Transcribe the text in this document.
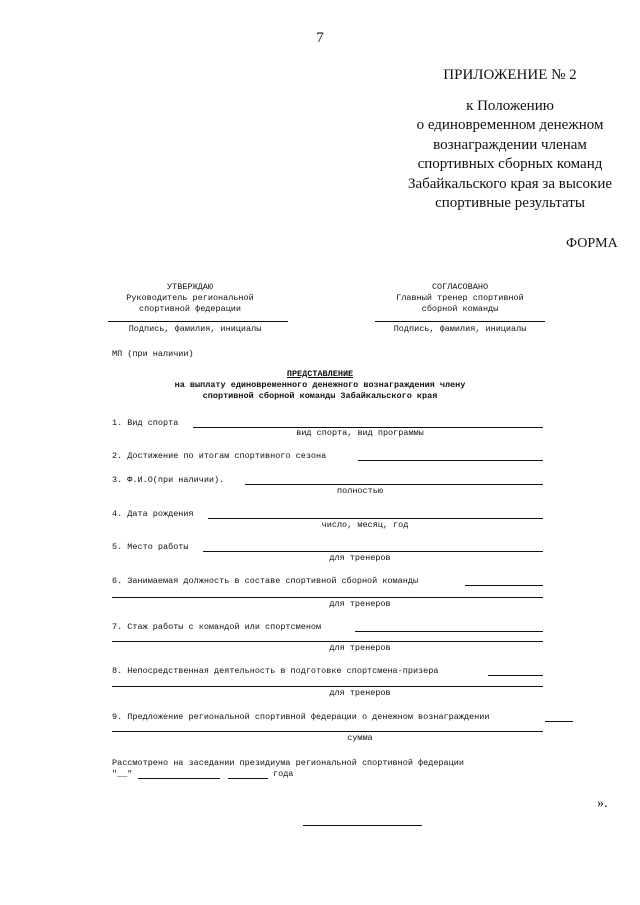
7
ПРИЛОЖЕНИЕ № 2
к Положению
о единовременном денежном
вознаграждении членам
спортивных сборных команд
Забайкальского края за высокие
спортивные результаты
ФОРМА
УТВЕРЖДАЮ
Руководитель региональной
спортивной федерации
Подпись, фамилия, инициалы
СОГЛАСОВАНО
Главный тренер спортивной
сборной команды
Подпись, фамилия, инициалы
МП (при наличии)
ПРЕДСТАВЛЕНИЕ
на выплату единовременного денежного вознаграждения члену
спортивной сборной команды Забайкальского края
1. Вид спорта
вид спорта, вид программы
2. Достижение по итогам спортивного сезона
3. Ф.И.О(при наличии).
полностью
4. Дата рождения
число, месяц, год
5. Место работы
для тренеров
6. Занимаемая должность в составе спортивной сборной команды
для тренеров
7. Стаж работы с командой или спортсменом
для тренеров
8. Непосредственная деятельность в подготовке спортсмена-призера
для тренеров
9. Предложение региональной спортивной федерации о денежном вознаграждении
сумма
Рассмотрено на заседании президиума региональной спортивной федерации
"__"	года
».
